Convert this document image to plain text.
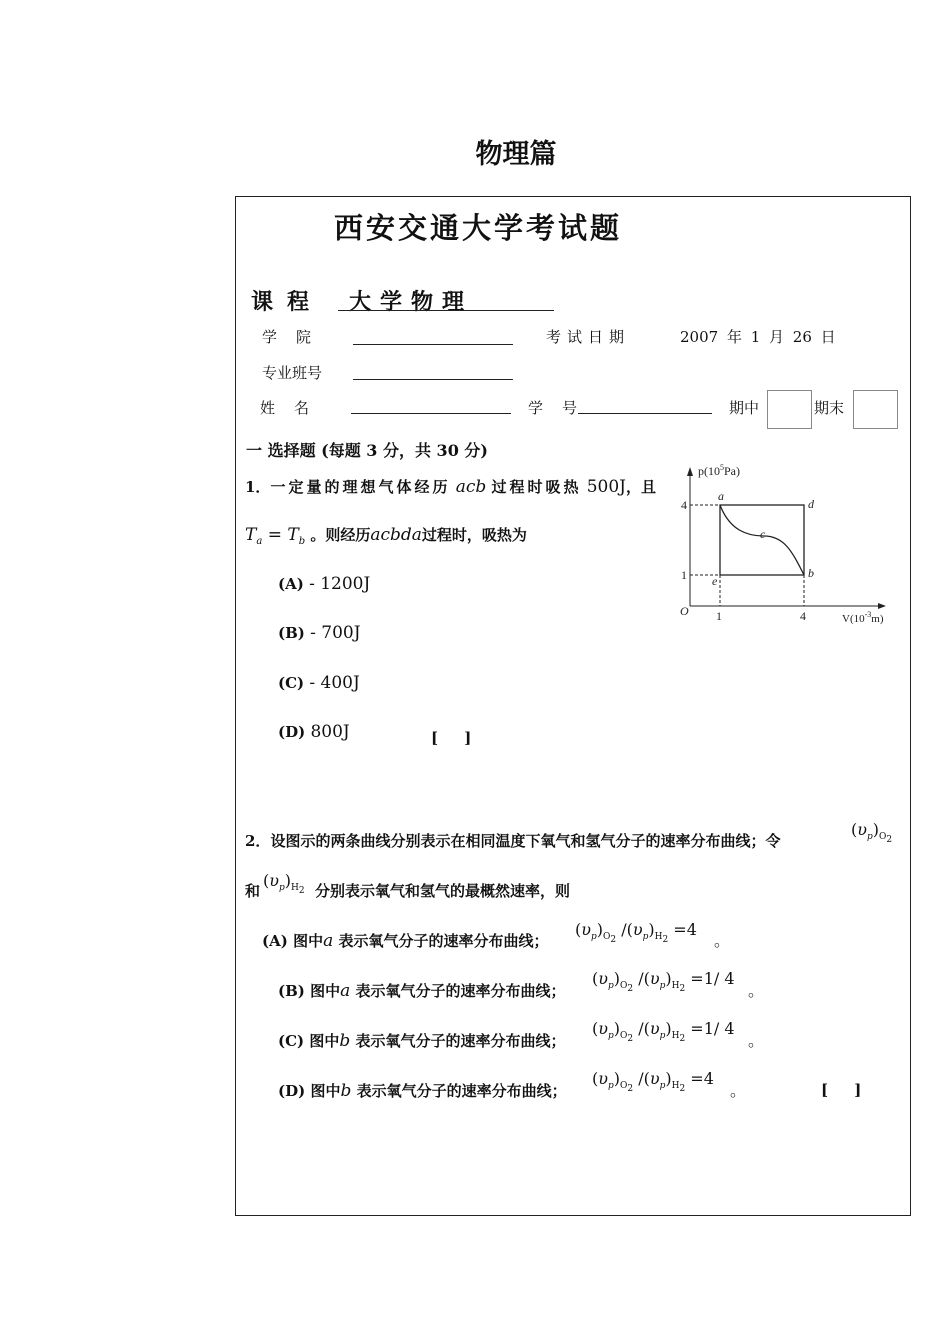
物理篇
西安交通大学考试题
课程 大学物理
学院	考试日期	2007 年 1 月 26 日
专业班号
姓名	学号	期中	期末
一 选择题 (每题 3 分，共 30 分)
1．一定量的理想气体经历 acb 过程时吸热 500J，且
$T_a = T_b$ 。则经历acbda过程时，吸热为
(A) - 1200J
(B) - 700J
(C) - 400J
(D) 800J	[     ]
$p(10^5Pa)$
$V(10^{-3}m)$
O
4
1
1	4
a
d
c
b
e
2．设图示的两条曲线分别表示在相同温度下氧气和氢气分子的速率分布曲线；令
$(\upsilon_p)_{O_2}$
和
$(\upsilon_p)_{H_2}$ 分别表示氧气和氢气的最概然速率，则
(A) 图中a 表示氧气分子的速率分布曲线；
$(\upsilon_p)_{O_2}$ $/(\upsilon_p)_{H_2} =4$
。
(B) 图中a 表示氧气分子的速率分布曲线；
$(\upsilon_p)_{O_2}$ $/(\upsilon_p)_{H_2} =1/$ 4
。
(C) 图中b 表示氧气分子的速率分布曲线；
$(\upsilon_p)_{O_2}$ $/(\upsilon_p)_{H_2} =1/$ 4
。
(D) 图中b 表示氧气分子的速率分布曲线；
$(\upsilon_p)_{O_2}$ $/(\upsilon_p)_{H_2} =4$
。	[     ]
